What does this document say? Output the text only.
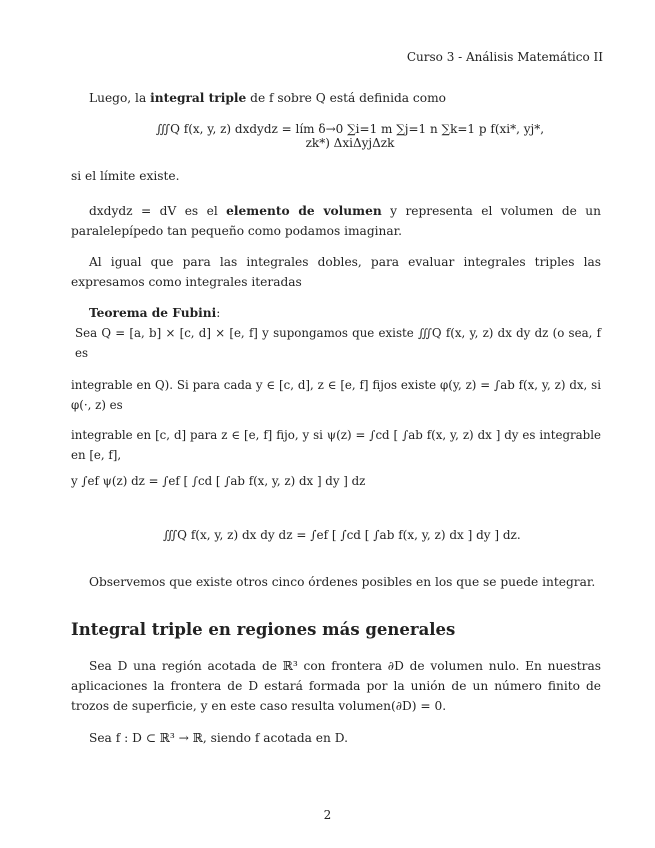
Curso 3 - Análisis Matemático II
Luego, la integral triple de f sobre Q está definida como
∭Q f(x, y, z) dxdydz = lím δ→0 ∑i=1 m ∑j=1 n ∑k=1 p f(xi*, yj*, zk*) ΔxiΔyjΔzk
si el límite existe.
dxdydz = dV es el elemento de volumen y representa el volumen de un paralelepípedo tan pequeño como podamos imaginar.
Al igual que para las integrales dobles, para evaluar integrales triples las expresamos como integrales iteradas
Teorema de Fubini:
Sea Q = [a, b] × [c, d] × [e, f] y supongamos que existe ∭Q f(x, y, z) dx dy dz (o sea, f es
integrable en Q). Si para cada y ∈ [c, d], z ∈ [e, f] fijos existe φ(y, z) = ∫ab f(x, y, z) dx, si φ(·, z) es
integrable en [c, d] para z ∈ [e, f] fijo, y si ψ(z) = ∫cd [ ∫ab f(x, y, z) dx ] dy es integrable en [e, f],
y ∫ef ψ(z) dz = ∫ef [ ∫cd [ ∫ab f(x, y, z) dx ] dy ] dz
∭Q f(x, y, z) dx dy dz = ∫ef [ ∫cd [ ∫ab f(x, y, z) dx ] dy ] dz.
Observemos que existe otros cinco órdenes posibles en los que se puede integrar.
Integral triple en regiones más generales
Sea D una región acotada de ℝ³ con frontera ∂D de volumen nulo. En nuestras aplicaciones la frontera de D estará formada por la unión de un número finito de trozos de superficie, y en este caso resulta volumen(∂D) = 0.
Sea f : D ⊂ ℝ³ → ℝ, siendo f acotada en D.
2
